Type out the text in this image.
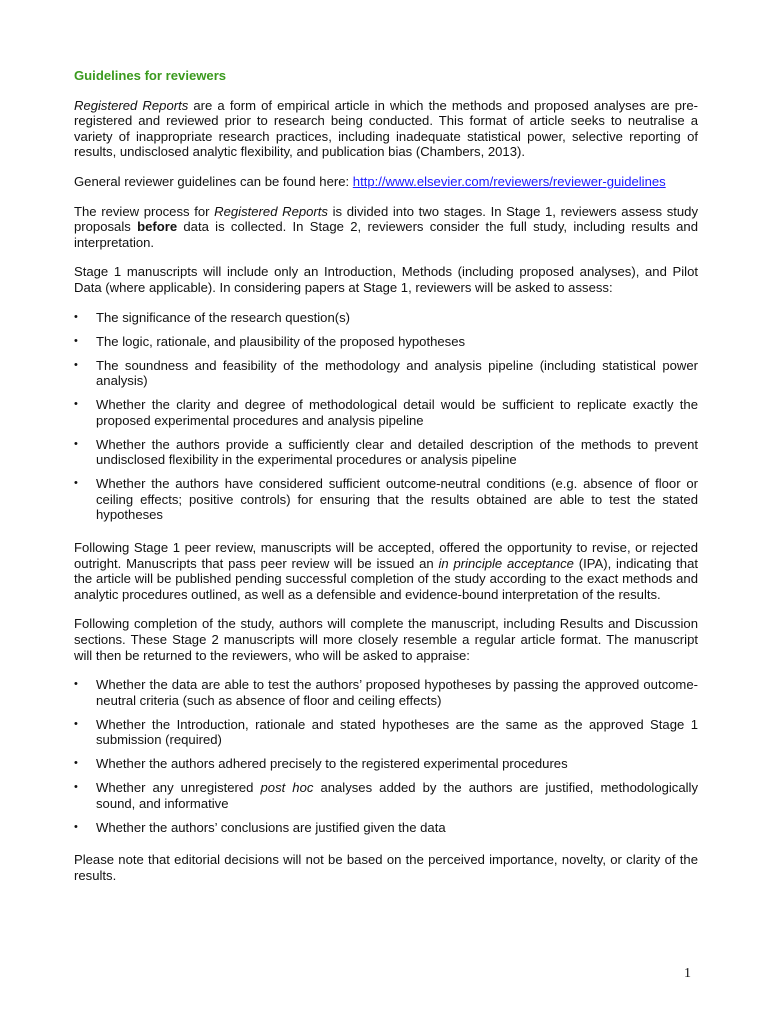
Guidelines for reviewers

Registered Reports are a form of empirical article in which the methods and proposed analyses are pre-registered and reviewed prior to research being conducted. This format of article seeks to neutralise a variety of inappropriate research practices, including inadequate statistical power, selective reporting of results, undisclosed analytic flexibility, and publication bias (Chambers, 2013).

General reviewer guidelines can be found here: http://www.elsevier.com/reviewers/reviewer-guidelines

The review process for Registered Reports is divided into two stages. In Stage 1, reviewers assess study proposals before data is collected. In Stage 2, reviewers consider the full study, including results and interpretation.

Stage 1 manuscripts will include only an Introduction, Methods (including proposed analyses), and Pilot Data (where applicable). In considering papers at Stage 1, reviewers will be asked to assess:

• The significance of the research question(s)
• The logic, rationale, and plausibility of the proposed hypotheses
• The soundness and feasibility of the methodology and analysis pipeline (including statistical power analysis)
• Whether the clarity and degree of methodological detail would be sufficient to replicate exactly the proposed experimental procedures and analysis pipeline
• Whether the authors provide a sufficiently clear and detailed description of the methods to prevent undisclosed flexibility in the experimental procedures or analysis pipeline
• Whether the authors have considered sufficient outcome-neutral conditions (e.g. absence of floor or ceiling effects; positive controls) for ensuring that the results obtained are able to test the stated hypotheses

Following Stage 1 peer review, manuscripts will be accepted, offered the opportunity to revise, or rejected outright. Manuscripts that pass peer review will be issued an in principle acceptance (IPA), indicating that the article will be published pending successful completion of the study according to the exact methods and analytic procedures outlined, as well as a defensible and evidence-bound interpretation of the results.

Following completion of the study, authors will complete the manuscript, including Results and Discussion sections. These Stage 2 manuscripts will more closely resemble a regular article format. The manuscript will then be returned to the reviewers, who will be asked to appraise:

• Whether the data are able to test the authors’ proposed hypotheses by passing the approved outcome-neutral criteria (such as absence of floor and ceiling effects)
• Whether the Introduction, rationale and stated hypotheses are the same as the approved Stage 1 submission (required)
• Whether the authors adhered precisely to the registered experimental procedures
• Whether any unregistered post hoc analyses added by the authors are justified, methodologically sound, and informative
• Whether the authors’ conclusions are justified given the data

Please note that editorial decisions will not be based on the perceived importance, novelty, or clarity of the results.

1
